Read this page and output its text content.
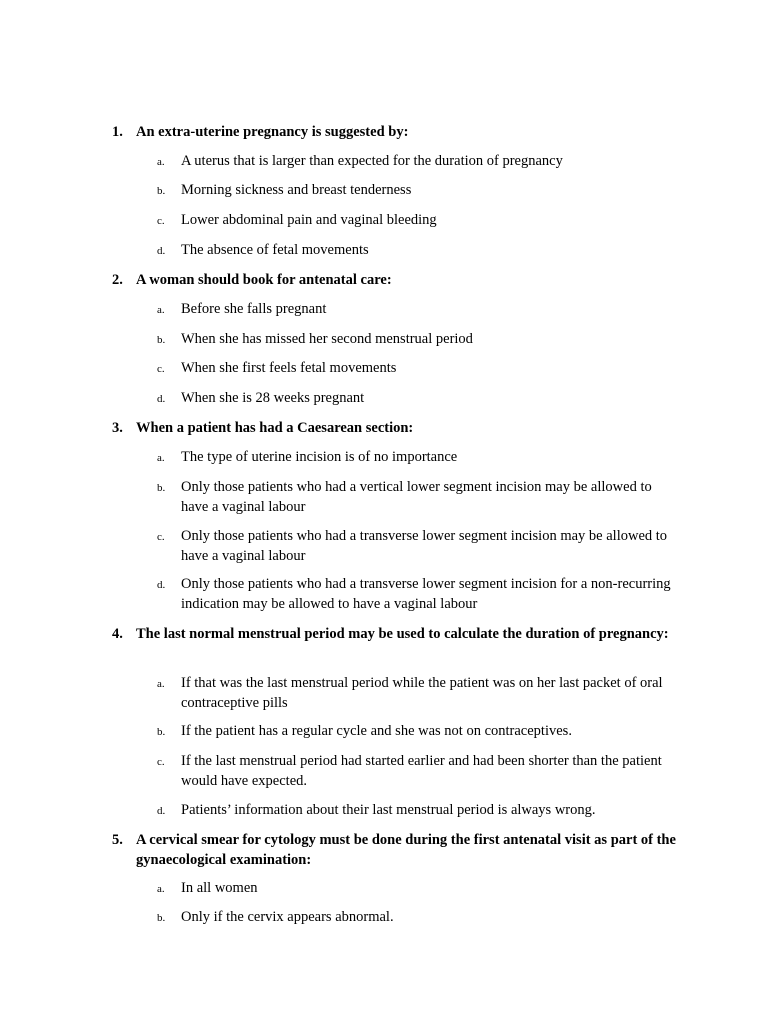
1. An extra-uterine pregnancy is suggested by:
a. A uterus that is larger than expected for the duration of pregnancy
b. Morning sickness and breast tenderness
c. Lower abdominal pain and vaginal bleeding
d. The absence of fetal movements
2. A woman should book for antenatal care:
a. Before she falls pregnant
b. When she has missed her second menstrual period
c. When she first feels fetal movements
d. When she is 28 weeks pregnant
3. When a patient has had a Caesarean section:
a. The type of uterine incision is of no importance
b. Only those patients who had a vertical lower segment incision may be allowed to have a vaginal labour
c. Only those patients who had a transverse lower segment incision may be allowed to have a vaginal labour
d. Only those patients who had a transverse lower segment incision for a non-recurring indication may be allowed to have a vaginal labour
4. The last normal menstrual period may be used to calculate the duration of pregnancy:
a. If that was the last menstrual period while the patient was on her last packet of oral contraceptive pills
b. If the patient has a regular cycle and she was not on contraceptives.
c. If the last menstrual period had started earlier and had been shorter than the patient would have expected.
d. Patients’ information about their last menstrual period is always wrong.
5. A cervical smear for cytology must be done during the first antenatal visit as part of the gynaecological examination:
a. In all women
b. Only if the cervix appears abnormal.
